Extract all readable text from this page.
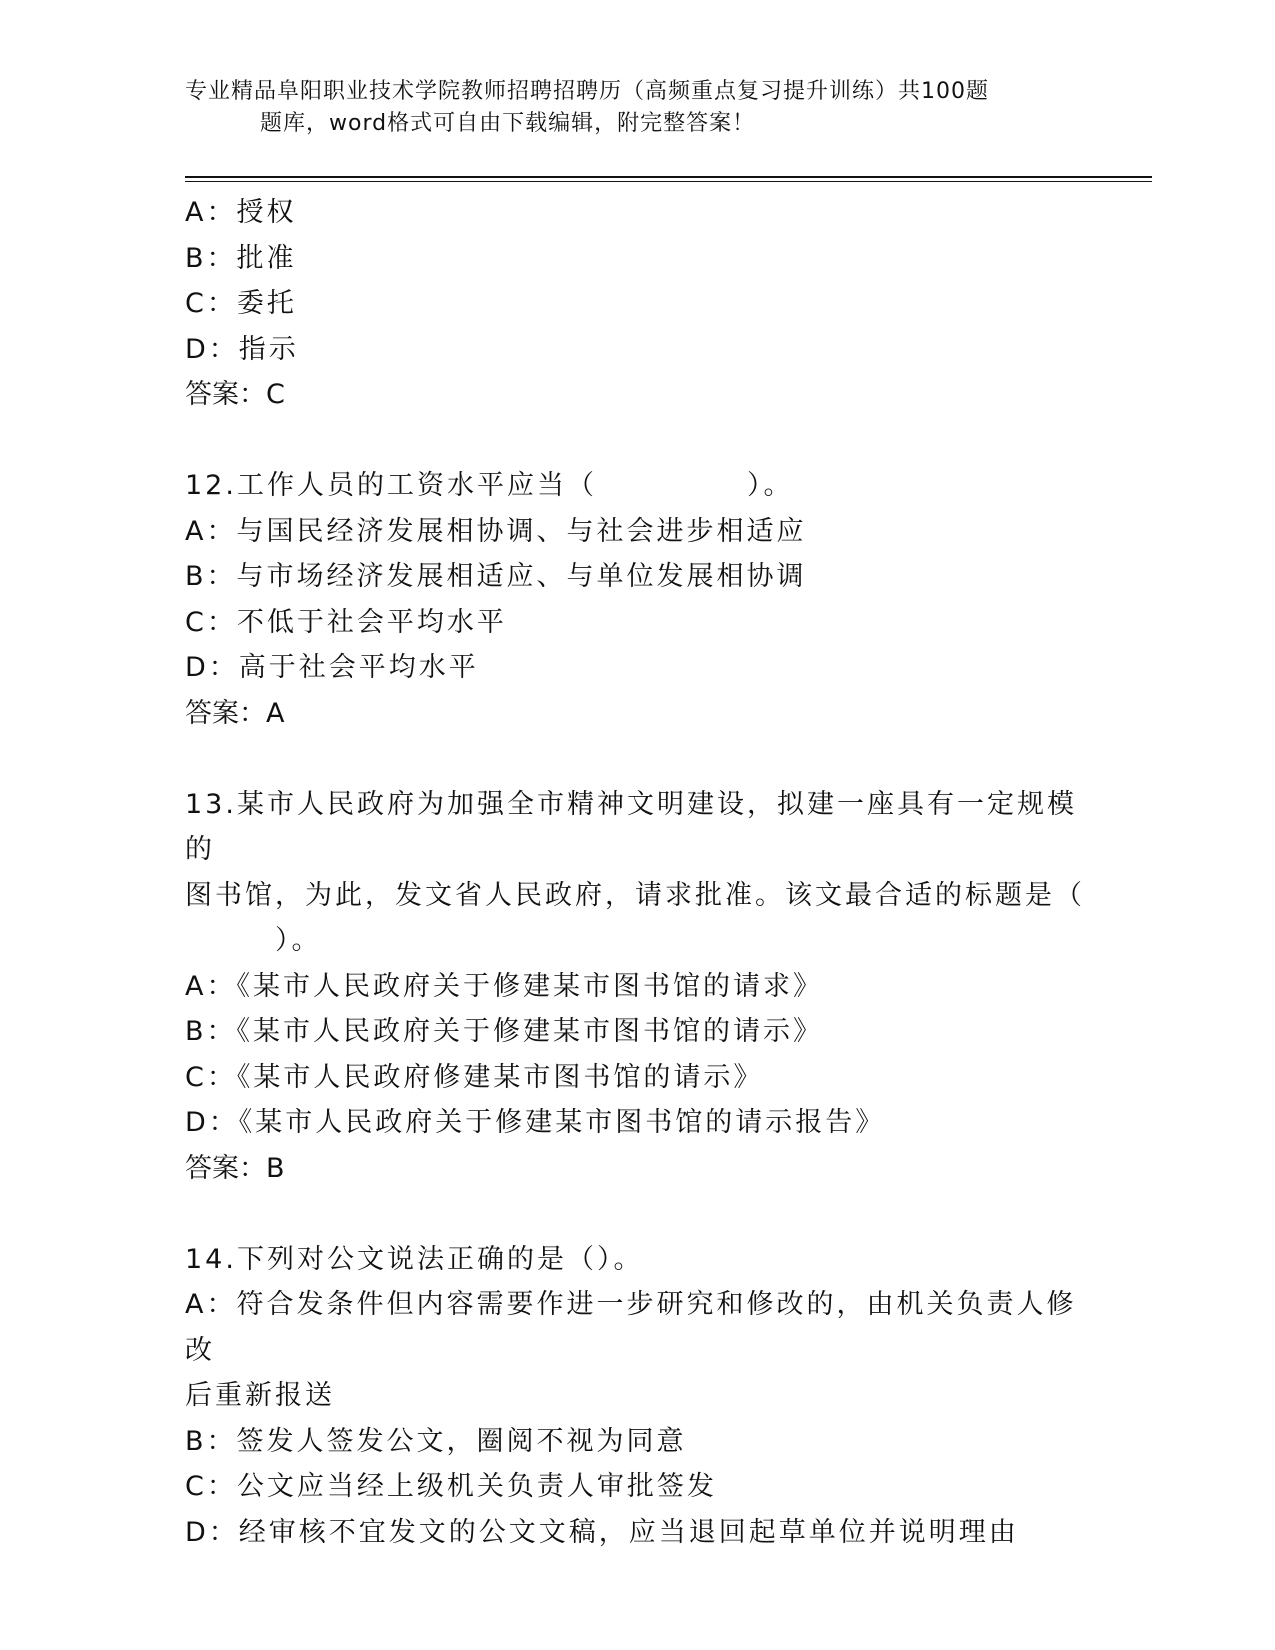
专业精品阜阳职业技术学院教师招聘招聘历（高频重点复习提升训练）共100题
题库，word格式可自由下载编辑，附完整答案！
A：授权
B：批准
C：委托
D：指示
答案：C
12.工作人员的工资水平应当（　　　　　）。
A：与国民经济发展相协调、与社会进步相适应
B：与市场经济发展相适应、与单位发展相协调
C：不低于社会平均水平
D：高于社会平均水平
答案：A
13.某市人民政府为加强全市精神文明建设，拟建一座具有一定规模的
图书馆，为此，发文省人民政府，请求批准。该文最合适的标题是（
　　　）。
A：《某市人民政府关于修建某市图书馆的请求》
B：《某市人民政府关于修建某市图书馆的请示》
C：《某市人民政府修建某市图书馆的请示》
D：《某市人民政府关于修建某市图书馆的请示报告》
答案：B
14.下列对公文说法正确的是（）。
A：符合发条件但内容需要作进一步研究和修改的，由机关负责人修改
后重新报送
B：签发人签发公文，圈阅不视为同意
C：公文应当经上级机关负责人审批签发
D：经审核不宜发文的公文文稿，应当退回起草单位并说明理由
